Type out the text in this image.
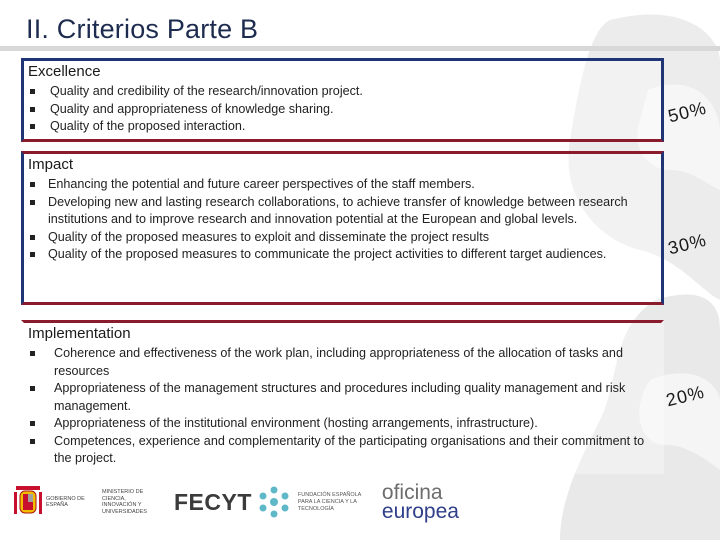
II. Criterios Parte B
Excellence
Quality and credibility of the research/innovation project.
Quality and appropriateness of knowledge sharing.
Quality of the proposed interaction.	50%
Impact
Enhancing the potential and future career perspectives of the staff members.
Developing new and lasting research collaborations, to achieve transfer of knowledge between research institutions and to improve research and innovation potential at the European and global levels.
Quality of the proposed measures to exploit and disseminate the project results
Quality of the proposed measures to communicate the project activities to different target audiences.	30%
Implementation
Coherence and effectiveness of the work plan, including appropriateness of the allocation of tasks and resources
Appropriateness of the management structures and procedures including quality management and risk management.
Appropriateness of the institutional environment (hosting arrangements, infrastructure).
Competences, experience and complementarity of the participating organisations and their commitment to the project.
20%
GOBIERNO DE ESPAÑA
MINISTERIO DE CIENCIA, INNOVACIÓN Y UNIVERSIDADES	FECYT	FUNDACIÓN ESPAÑOLA PARA LA CIENCIA Y LA TECNOLOGÍA
oficina
europea
